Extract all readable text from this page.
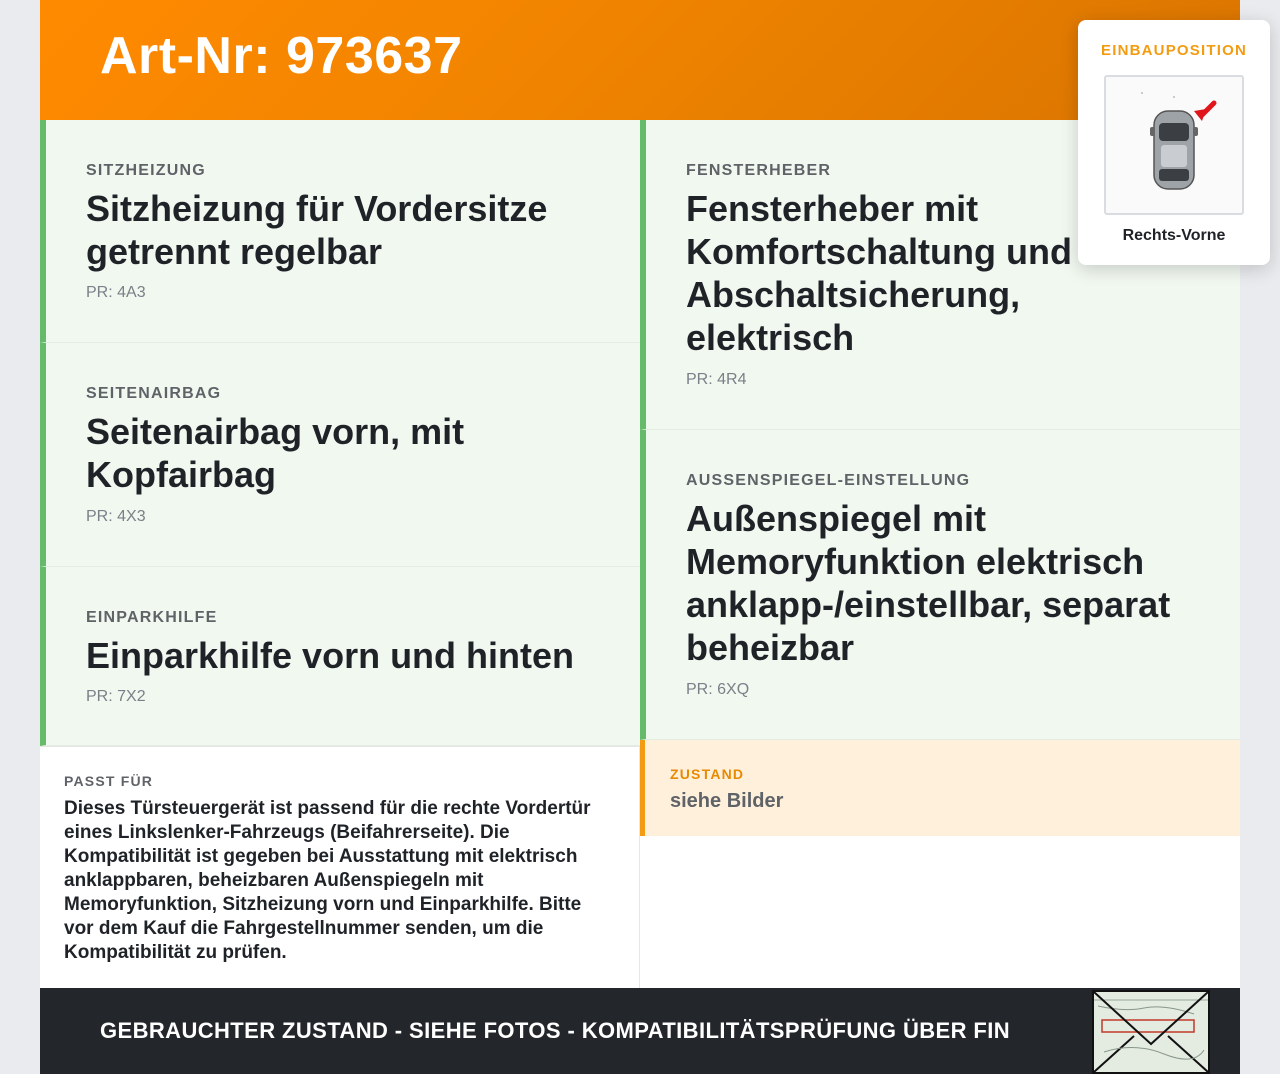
Art-Nr: 973637
SITZHEIZUNG
Sitzheizung für Vordersitze getrennt regelbar
PR: 4A3
SEITENAIRBAG
Seitenairbag vorn, mit Kopfairbag
PR: 4X3
EINPARKHILFE
Einparkhilfe vorn und hinten
PR: 7X2
FENSTERHEBER
Fensterheber mit Komfortschaltung und Abschaltsicherung, elektrisch
PR: 4R4
AUSSENSPIEGEL-EINSTELLUNG
Außenspiegel mit Memoryfunktion elektrisch anklapp-/einstellbar, separat beheizbar
PR: 6XQ
PASST FÜR
Dieses Türsteuergerät ist passend für die rechte Vordertür eines Linkslenker-Fahrzeugs (Beifahrerseite). Die Kompatibilität ist gegeben bei Ausstattung mit elektrisch anklappbaren, beheizbaren Außenspiegeln mit Memoryfunktion, Sitzheizung vorn und Einparkhilfe. Bitte vor dem Kauf die Fahrgestellnummer senden, um die Kompatibilität zu prüfen.
ZUSTAND
siehe Bilder
GEBRAUCHTER ZUSTAND - SIEHE FOTOS - KOMPATIBILITÄTSPRÜFUNG ÜBER FIN
EINBAUPOSITION
Rechts-Vorne
